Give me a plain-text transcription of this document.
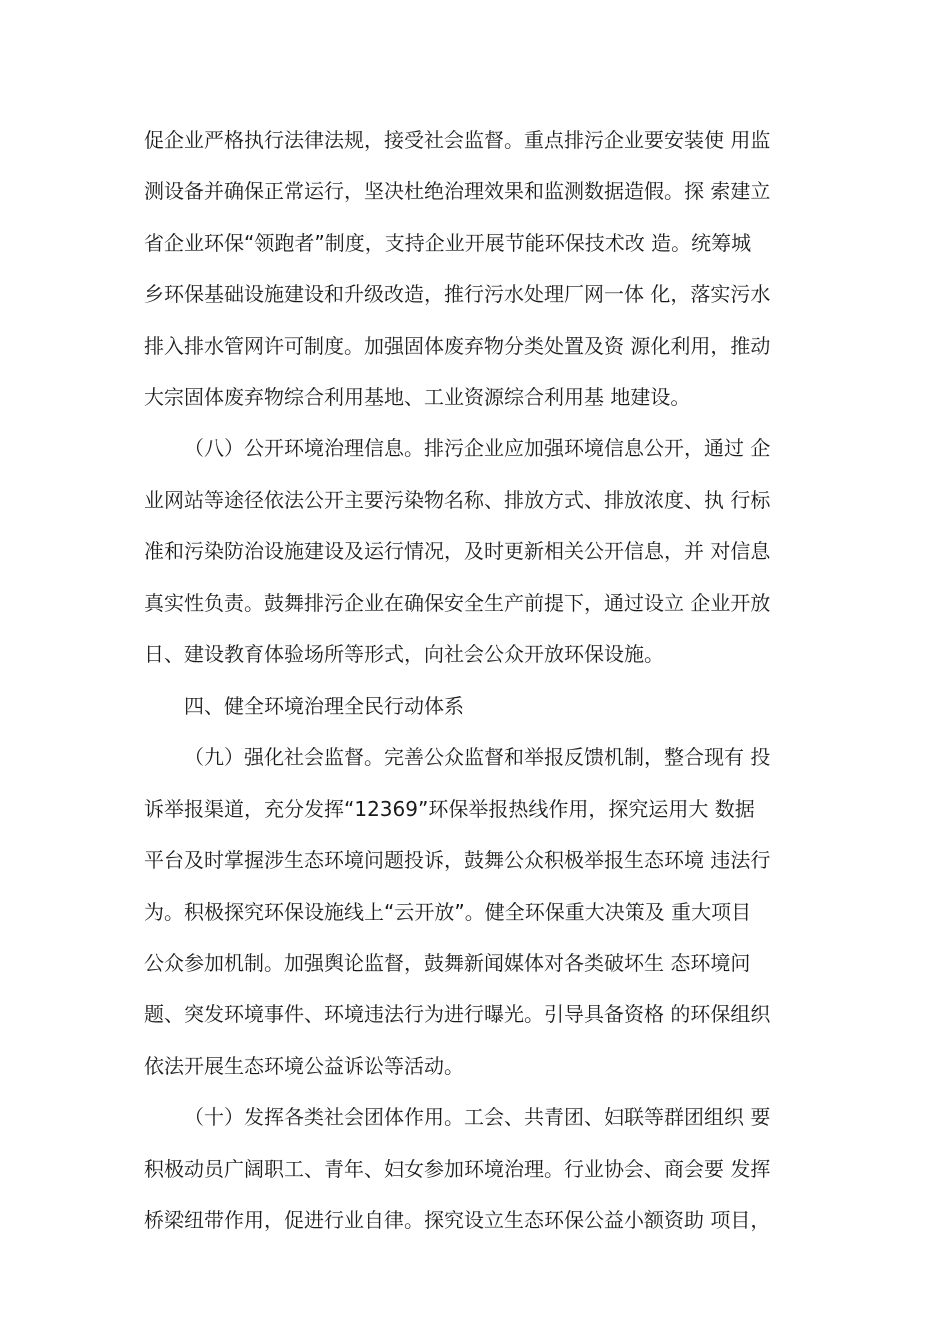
促企业严格执行法律法规，接受社会监督。重点排污企业要安装使 用监

测设备并确保正常运行，坚决杜绝治理效果和监测数据造假。探 索建立

省企业环保“领跑者”制度，支持企业开展节能环保技术改 造。统筹城

乡环保基础设施建设和升级改造，推行污水处理厂网一体 化，落实污水

排入排水管网许可制度。加强固体废弃物分类处置及资 源化利用，推动

大宗固体废弃物综合利用基地、工业资源综合利用基 地建设。

（八）公开环境治理信息。排污企业应加强环境信息公开，通过 企

业网站等途径依法公开主要污染物名称、排放方式、排放浓度、执 行标

准和污染防治设施建设及运行情况，及时更新相关公开信息，并 对信息

真实性负责。鼓舞排污企业在确保安全生产前提下，通过设立 企业开放

日、建设教育体验场所等形式，向社会公众开放环保设施。

四、健全环境治理全民行动体系

（九）强化社会监督。完善公众监督和举报反馈机制，整合现有 投

诉举报渠道，充分发挥“12369”环保举报热线作用，探究运用大 数据

平台及时掌握涉生态环境问题投诉，鼓舞公众积极举报生态环境 违法行

为。积极探究环保设施线上“云开放”。健全环保重大决策及 重大项目

公众参加机制。加强舆论监督，鼓舞新闻媒体对各类破坏生 态环境问

题、突发环境事件、环境违法行为进行曝光。引导具备资格 的环保组织

依法开展生态环境公益诉讼等活动。

（十）发挥各类社会团体作用。工会、共青团、妇联等群团组织 要

积极动员广阔职工、青年、妇女参加环境治理。行业协会、商会要 发挥

桥梁纽带作用，促进行业自律。探究设立生态环保公益小额资助 项目，
